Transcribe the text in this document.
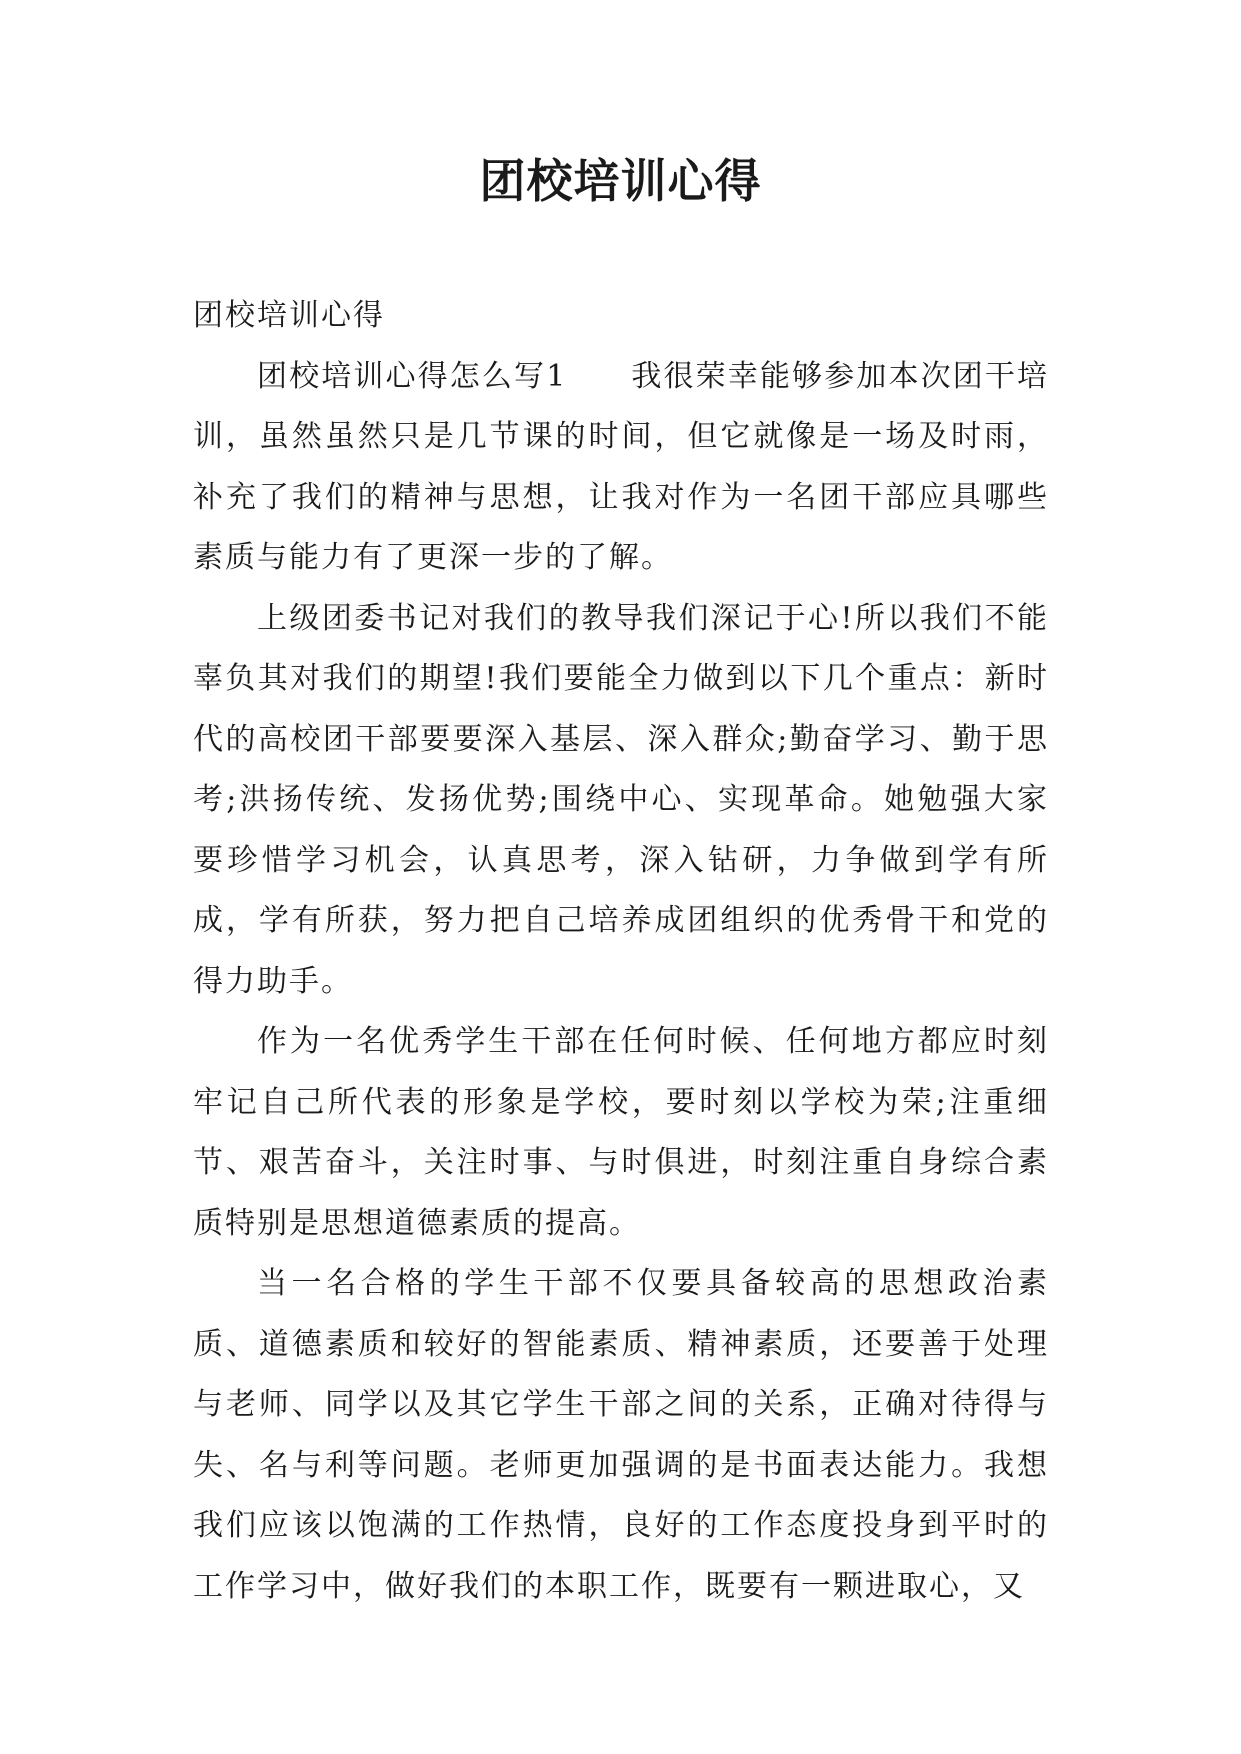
团校培训心得

团校培训心得

团校培训心得怎么写1 我很荣幸能够参加本次团干培训，虽然虽然只是几节课的时间，但它就像是一场及时雨，补充了我们的精神与思想，让我对作为一名团干部应具哪些素质与能力有了更深一步的了解。

上级团委书记对我们的教导我们深记于心!所以我们不能辜负其对我们的期望!我们要能全力做到以下几个重点：新时代的高校团干部要要深入基层、深入群众;勤奋学习、勤于思考;洪扬传统、发扬优势;围绕中心、实现革命。她勉强大家要珍惜学习机会，认真思考，深入钻研，力争做到学有所成，学有所获，努力把自己培养成团组织的优秀骨干和党的得力助手。

作为一名优秀学生干部在任何时候、任何地方都应时刻牢记自己所代表的形象是学校，要时刻以学校为荣;注重细节、艰苦奋斗，关注时事、与时俱进，时刻注重自身综合素质特别是思想道德素质的提高。

当一名合格的学生干部不仅要具备较高的思想政治素质、道德素质和较好的智能素质、精神素质，还要善于处理与老师、同学以及其它学生干部之间的关系，正确对待得与失、名与利等问题。老师更加强调的是书面表达能力。我想我们应该以饱满的工作热情，良好的工作态度投身到平时的工作学习中，做好我们的本职工作，既要有一颗进取心，又
